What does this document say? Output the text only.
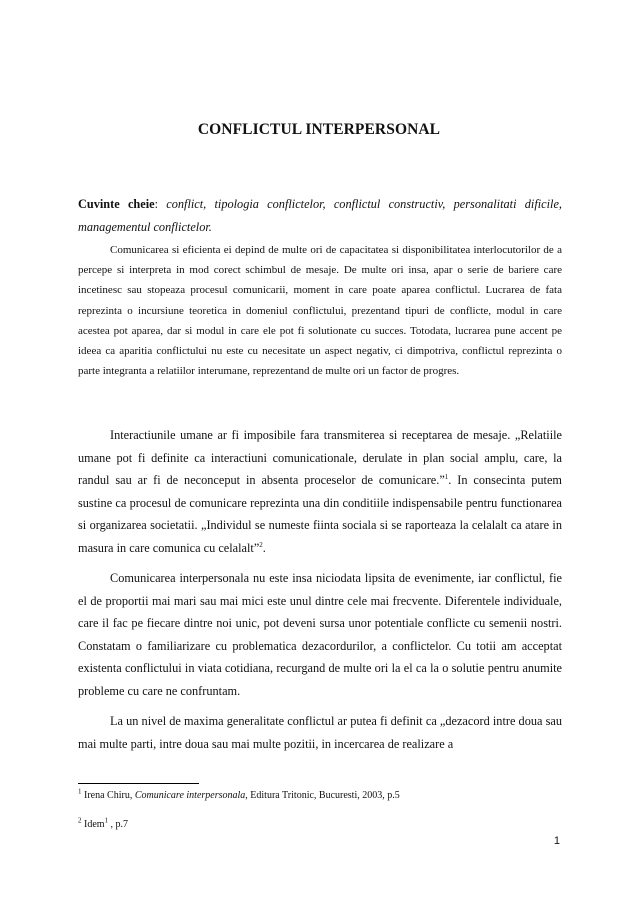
CONFLICTUL INTERPERSONAL

Cuvinte cheie: conflict, tipologia conflictelor, conflictul constructiv, personalitati dificile, managementul conflictelor.

Comunicarea si eficienta ei depind de multe ori de capacitatea si disponibilitatea interlocutorilor de a percepe si interpreta in mod corect schimbul de mesaje. De multe ori insa, apar o serie de bariere care incetinesc sau stopeaza procesul comunicarii, moment in care poate aparea conflictul. Lucrarea de fata reprezinta o incursiune teoretica in domeniul conflictului, prezentand tipuri de conflicte, modul in care acestea pot aparea, dar si modul in care ele pot fi solutionate cu succes. Totodata, lucrarea pune accent pe ideea ca aparitia conflictului nu este cu necesitate un aspect negativ, ci dimpotriva, conflictul reprezinta o parte integranta a relatiilor interumane, reprezentand de multe ori un factor de progres.

Interactiunile umane ar fi imposibile fara transmiterea si receptarea de mesaje. „Relatiile umane pot fi definite ca interactiuni comunicationale, derulate in plan social amplu, care, la randul sau ar fi de neconceput in absenta proceselor de comunicare.”$^1$. In consecinta putem sustine ca procesul de comunicare reprezinta una din conditiile indispensabile pentru functionarea si organizarea societatii. „Individul se numeste fiinta sociala si se raporteaza la celalalt ca atare in masura in care comunica cu celalalt”$^2$.

Comunicarea interpersonala nu este insa niciodata lipsita de evenimente, iar conflictul, fie el de proportii mai mari sau mai mici este unul dintre cele mai frecvente. Diferentele individuale, care il fac pe fiecare dintre noi unic, pot deveni sursa unor potentiale conflicte cu semenii nostri. Constatam o familiarizare cu problematica dezacordurilor, a conflictelor. Cu totii am acceptat existenta conflictului in viata cotidiana, recurgand de multe ori la el ca la o solutie pentru anumite probleme cu care ne confruntam.

La un nivel de maxima generalitate conflictul ar putea fi definit ca „dezacord intre doua sau mai multe parti, intre doua sau mai multe pozitii, in incercarea de realizare a

$^1$ Irena Chiru, Comunicare interpersonala, Editura Tritonic, Bucuresti, 2003, p.5

$^2$ Idem$^1$ , p.7

1
